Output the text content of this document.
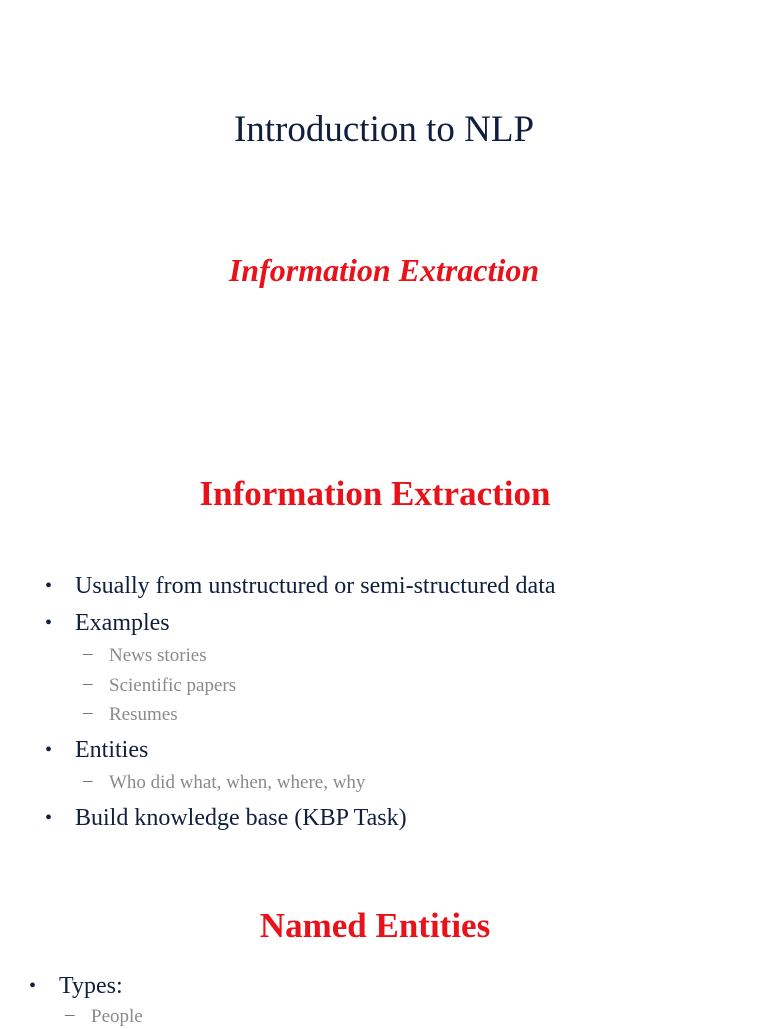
Introduction to NLP
Information Extraction
Information Extraction
• Usually from unstructured or semi-structured data
• Examples
– News stories
– Scientific papers
– Resumes
• Entities
– Who did what, when, where, why
• Build knowledge base (KBP Task)
Named Entities
• Types:
– People
